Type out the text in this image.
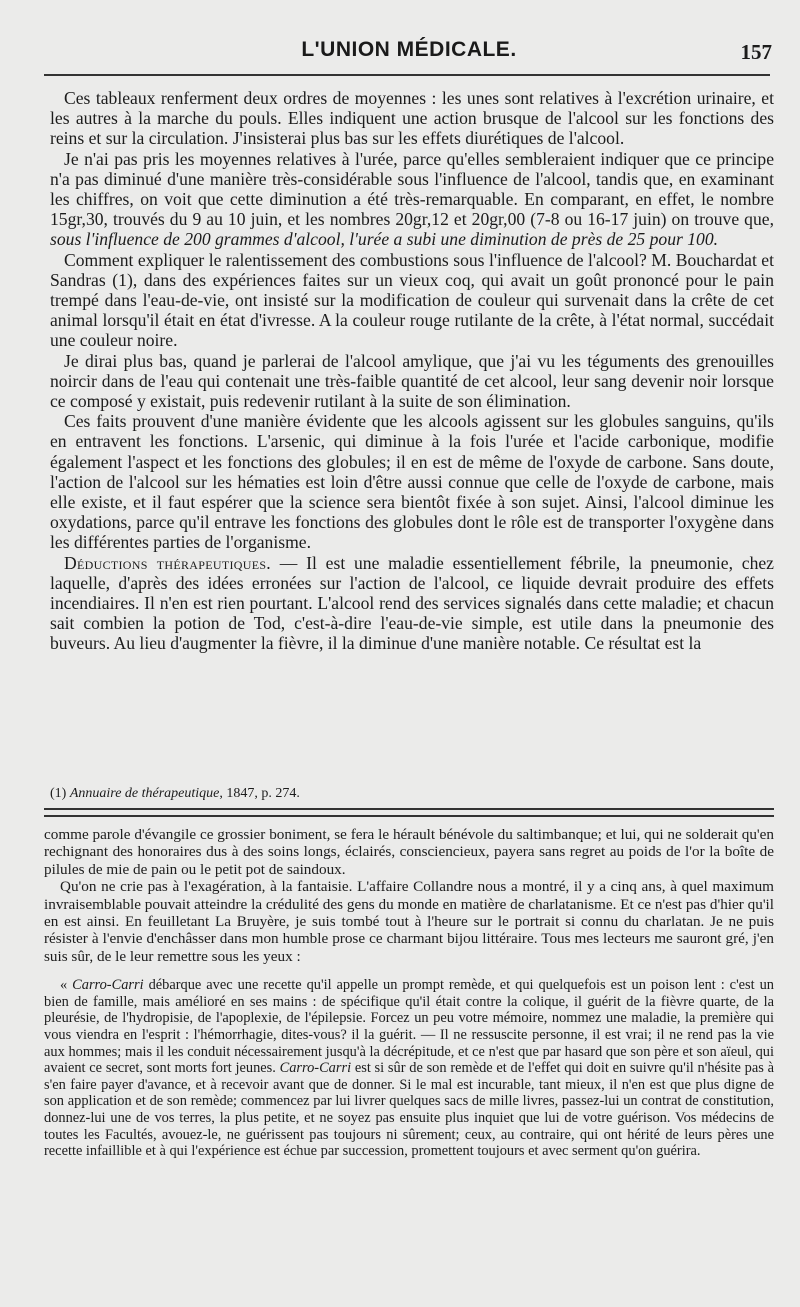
L'UNION MÉDICALE.	157

Ces tableaux renferment deux ordres de moyennes : les unes sont relatives à l'excrétion urinaire, et les autres à la marche du pouls. Elles indiquent une action brusque de l'alcool sur les fonctions des reins et sur la circulation. J'insisterai plus bas sur les effets diurétiques de l'alcool.

Je n'ai pas pris les moyennes relatives à l'urée, parce qu'elles sembleraient indiquer que ce principe n'a pas diminué d'une manière très-considérable sous l'influence de l'alcool, tandis que, en examinant les chiffres, on voit que cette diminution a été très-remarquable. En comparant, en effet, le nombre 15gr,30, trouvés du 9 au 10 juin, et les nombres 20gr,12 et 20gr,00 (7-8 ou 16-17 juin) on trouve que, sous l'influence de 200 grammes d'alcool, l'urée a subi une diminution de près de 25 pour 100.

Comment expliquer le ralentissement des combustions sous l'influence de l'alcool? M. Bouchardat et Sandras (1), dans des expériences faites sur un vieux coq, qui avait un goût prononcé pour le pain trempé dans l'eau-de-vie, ont insisté sur la modification de couleur qui survenait dans la crête de cet animal lorsqu'il était en état d'ivresse. A la couleur rouge rutilante de la crête, à l'état normal, succédait une couleur noire.

Je dirai plus bas, quand je parlerai de l'alcool amylique, que j'ai vu les téguments des grenouilles noircir dans de l'eau qui contenait une très-faible quantité de cet alcool, leur sang devenir noir lorsque ce composé y existait, puis redevenir rutilant à la suite de son élimination.

Ces faits prouvent d'une manière évidente que les alcools agissent sur les globules sanguins, qu'ils en entravent les fonctions. L'arsenic, qui diminue à la fois l'urée et l'acide carbonique, modifie également l'aspect et les fonctions des globules; il en est de même de l'oxyde de carbone. Sans doute, l'action de l'alcool sur les hématies est loin d'être aussi connue que celle de l'oxyde de carbone, mais elle existe, et il faut espérer que la science sera bientôt fixée à son sujet. Ainsi, l'alcool diminue les oxydations, parce qu'il entrave les fonctions des globules dont le rôle est de transporter l'oxygène dans les différentes parties de l'organisme.

Déductions thérapeutiques. — Il est une maladie essentiellement fébrile, la pneumonie, chez laquelle, d'après des idées erronées sur l'action de l'alcool, ce liquide devrait produire des effets incendiaires. Il n'en est rien pourtant. L'alcool rend des services signalés dans cette maladie; et chacun sait combien la potion de Tod, c'est-à-dire l'eau-de-vie simple, est utile dans la pneumonie des buveurs. Au lieu d'augmenter la fièvre, il la diminue d'une manière notable. Ce résultat est la

(1) Annuaire de thérapeutique, 1847, p. 274.

comme parole d'évangile ce grossier boniment, se fera le hérault bénévole du saltimbanque; et lui, qui ne solderait qu'en rechignant des honoraires dus à des soins longs, éclairés, consciencieux, payera sans regret au poids de l'or la boîte de pilules de mie de pain ou le petit pot de saindoux.

Qu'on ne crie pas à l'exagération, à la fantaisie. L'affaire Collandre nous a montré, il y a cinq ans, à quel maximum invraisemblable pouvait atteindre la crédulité des gens du monde en matière de charlatanisme. Et ce n'est pas d'hier qu'il en est ainsi. En feuilletant La Bruyère, je suis tombé tout à l'heure sur le portrait si connu du charlatan. Je ne puis résister à l'envie d'enchâsser dans mon humble prose ce charmant bijou littéraire. Tous mes lecteurs me sauront gré, j'en suis sûr, de le leur remettre sous les yeux :

« Carro-Carri débarque avec une recette qu'il appelle un prompt remède, et qui quelquefois est un poison lent : c'est un bien de famille, mais amélioré en ses mains : de spécifique qu'il était contre la colique, il guérit de la fièvre quarte, de la pleurésie, de l'hydropisie, de l'apoplexie, de l'épilepsie. Forcez un peu votre mémoire, nommez une maladie, la première qui vous viendra en l'esprit : l'hémorrhagie, dites-vous? il la guérit. — Il ne ressuscite personne, il est vrai; il ne rend pas la vie aux hommes; mais il les conduit nécessairement jusqu'à la décrépitude, et ce n'est que par hasard que son père et son aïeul, qui avaient ce secret, sont morts fort jeunes. Carro-Carri est si sûr de son remède et de l'effet qui doit en suivre qu'il n'hésite pas à s'en faire payer d'avance, et à recevoir avant que de donner. Si le mal est incurable, tant mieux, il n'en est que plus digne de son application et de son remède; commencez par lui livrer quelques sacs de mille livres, passez-lui un contrat de constitution, donnez-lui une de vos terres, la plus petite, et ne soyez pas ensuite plus inquiet que lui de votre guérison. Vos médecins de toutes les Facultés, avouez-le, ne guérissent pas toujours ni sûrement; ceux, au contraire, qui ont hérité de leurs pères une recette infaillible et à qui l'expérience est échue par succession, promettent toujours et avec serment qu'on guérira.
